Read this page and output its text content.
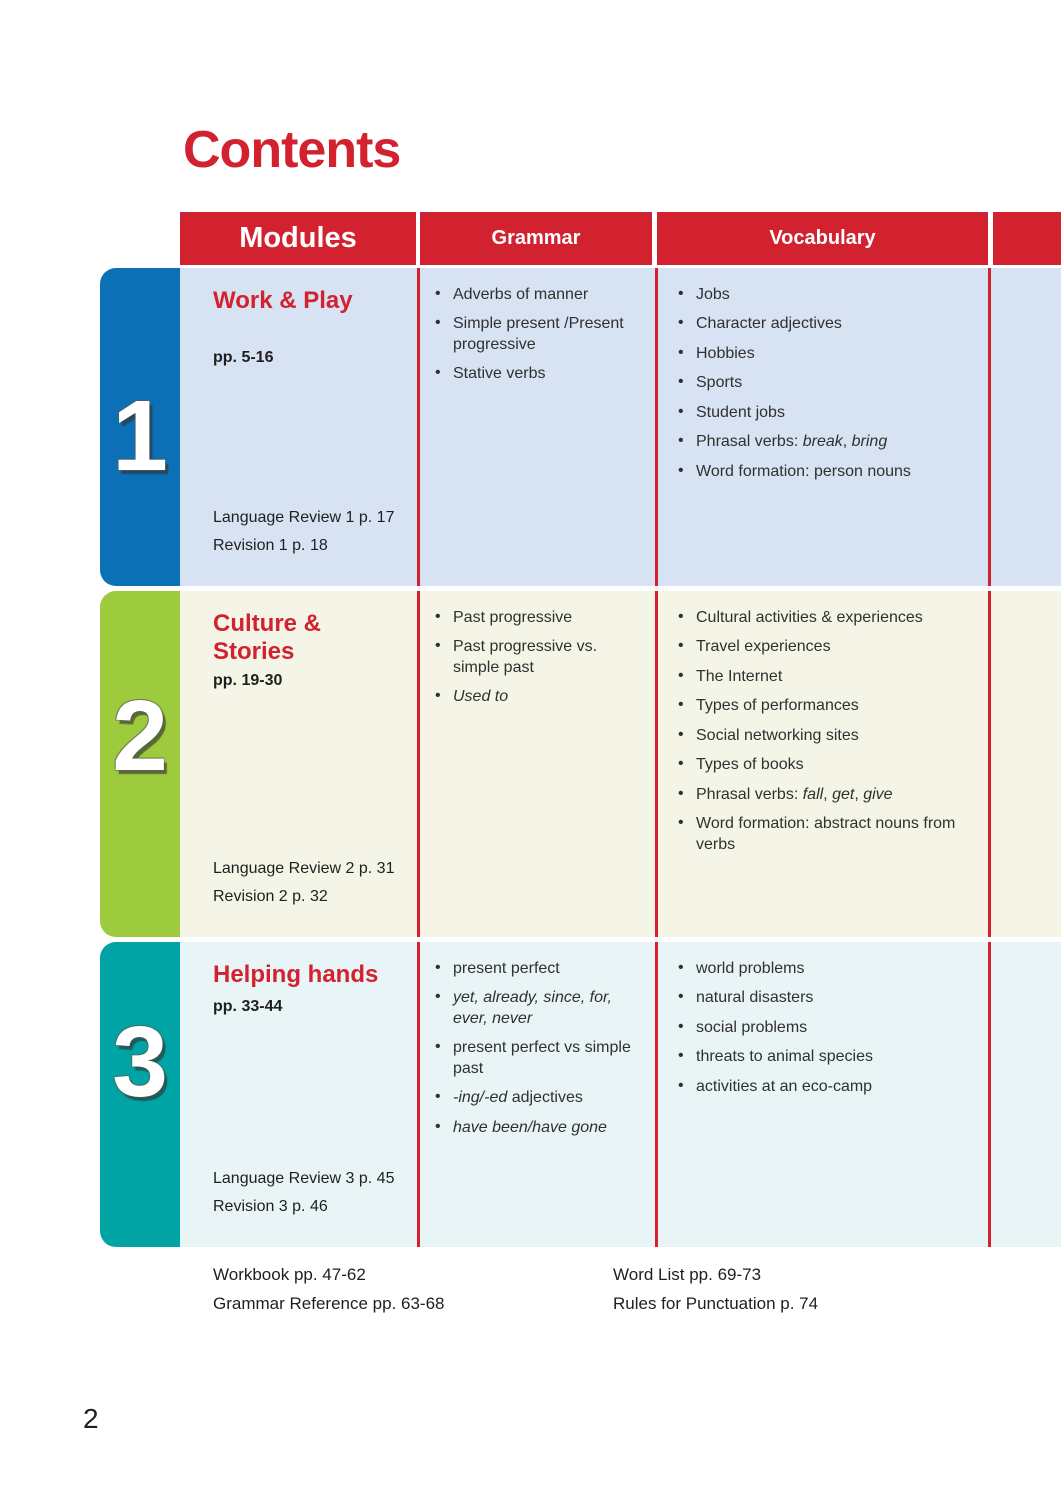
Contents
Modules	Grammar	Vocabulary
1
Work & Play
pp. 5-16
Language Review 1 p. 17
Revision 1 p. 18
• Adverbs of manner
• Simple present /Present progressive
• Stative verbs
• Jobs
• Character adjectives
• Hobbies
• Sports
• Student jobs
• Phrasal verbs: break, bring
• Word formation: person nouns
2
Culture & Stories
pp. 19-30
Language Review 2 p. 31
Revision 2 p. 32
• Past progressive
• Past progressive vs. simple past
• Used to
• Cultural activities & experiences
• Travel experiences
• The Internet
• Types of performances
• Social networking sites
• Types of books
• Phrasal verbs: fall, get, give
• Word formation: abstract nouns from verbs
3
Helping hands
pp. 33-44
Language Review 3 p. 45
Revision 3 p. 46
• present perfect
• yet, already, since, for, ever, never
• present perfect vs simple past
• -ing/-ed adjectives
• have been/have gone
• world problems
• natural disasters
• social problems
• threats to animal species
• activities at an eco-camp
Workbook pp. 47-62
Grammar Reference pp. 63-68
Word List pp. 69-73
Rules for Punctuation p. 74
2
